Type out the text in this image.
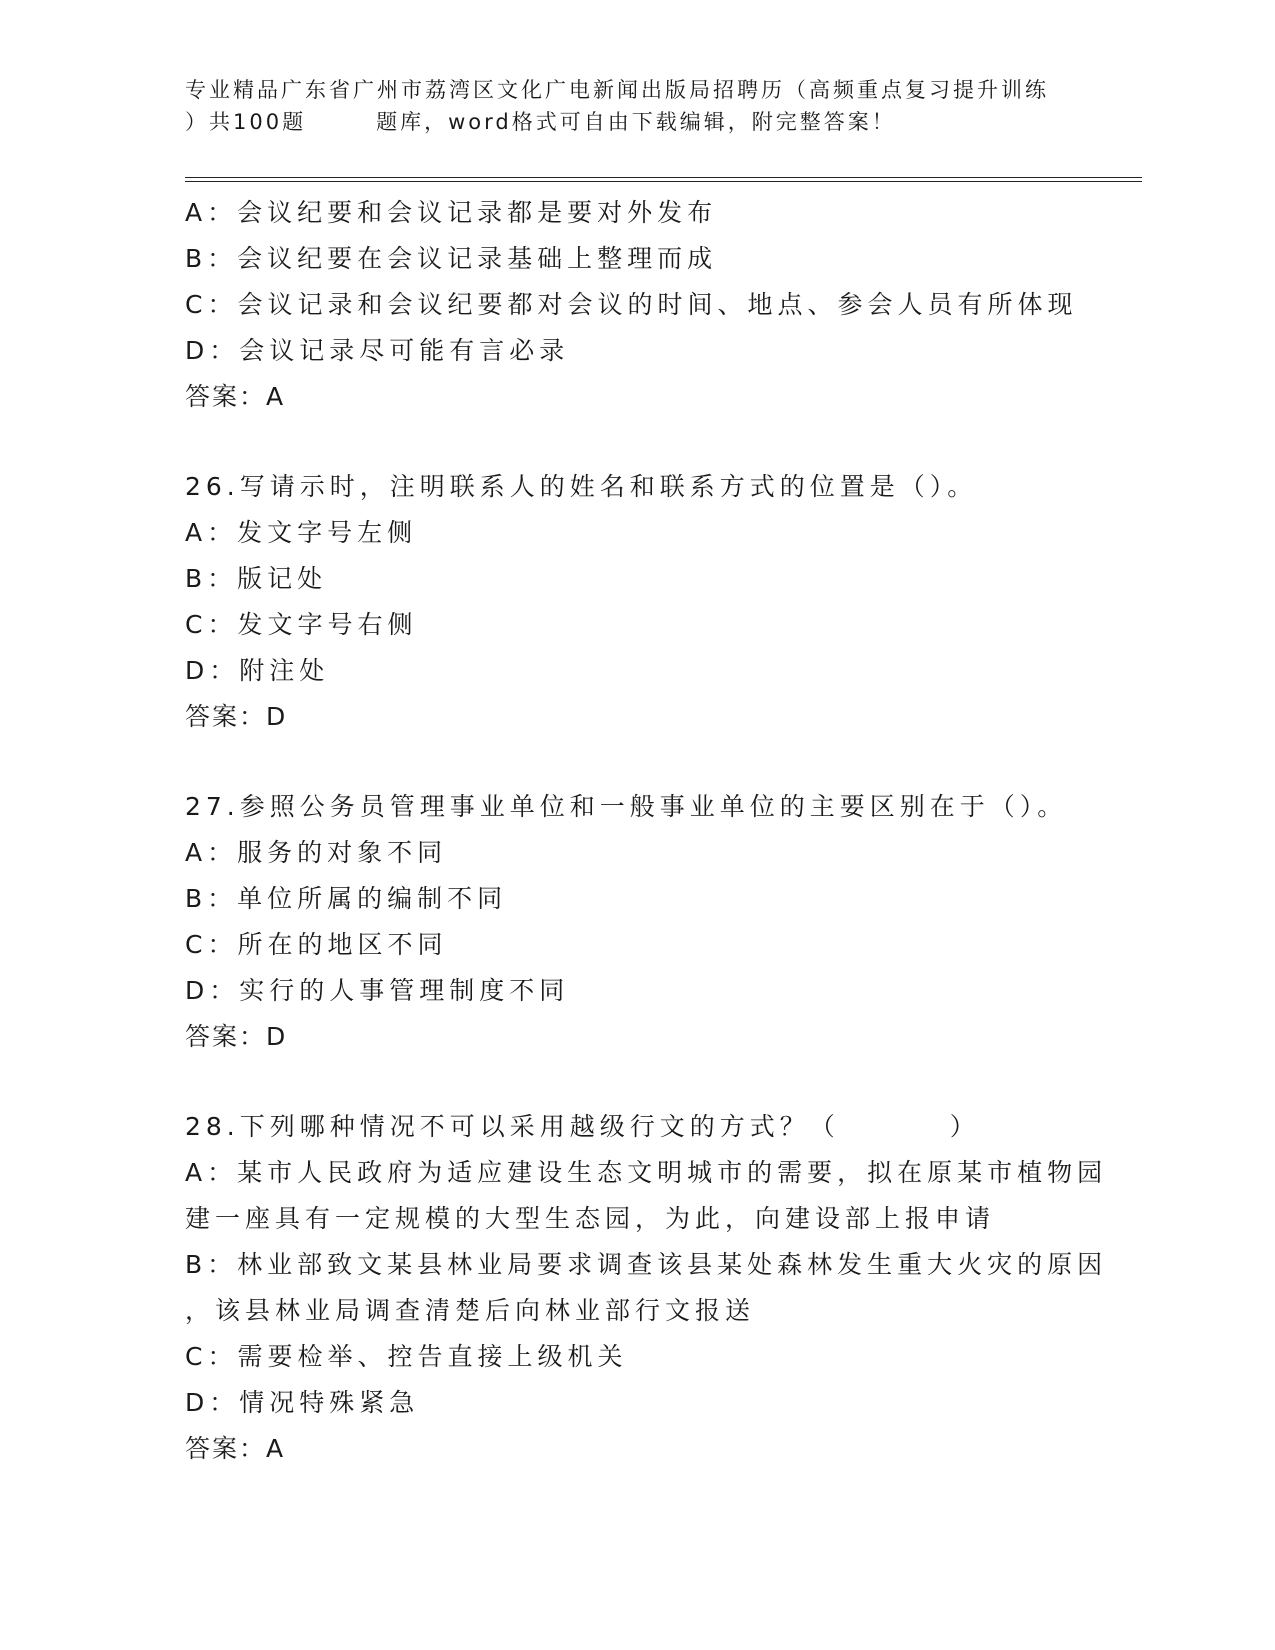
专业精品广东省广州市荔湾区文化广电新闻出版局招聘历（高频重点复习提升训练
）共100题	题库，word格式可自由下载编辑，附完整答案！
A：会议纪要和会议记录都是要对外发布
B：会议纪要在会议记录基础上整理而成
C：会议记录和会议纪要都对会议的时间、地点、参会人员有所体现
D：会议记录尽可能有言必录
答案：A
26.写请示时，注明联系人的姓名和联系方式的位置是（）。
A：发文字号左侧
B：版记处
C：发文字号右侧
D：附注处
答案：D
27.参照公务员管理事业单位和一般事业单位的主要区别在于（）。
A：服务的对象不同
B：单位所属的编制不同
C：所在的地区不同
D：实行的人事管理制度不同
答案：D
28.下列哪种情况不可以采用越级行文的方式？（	）
A：某市人民政府为适应建设生态文明城市的需要，拟在原某市植物园
建一座具有一定规模的大型生态园，为此，向建设部上报申请
B：林业部致文某县林业局要求调查该县某处森林发生重大火灾的原因
，该县林业局调查清楚后向林业部行文报送
C：需要检举、控告直接上级机关
D：情况特殊紧急
答案：A
